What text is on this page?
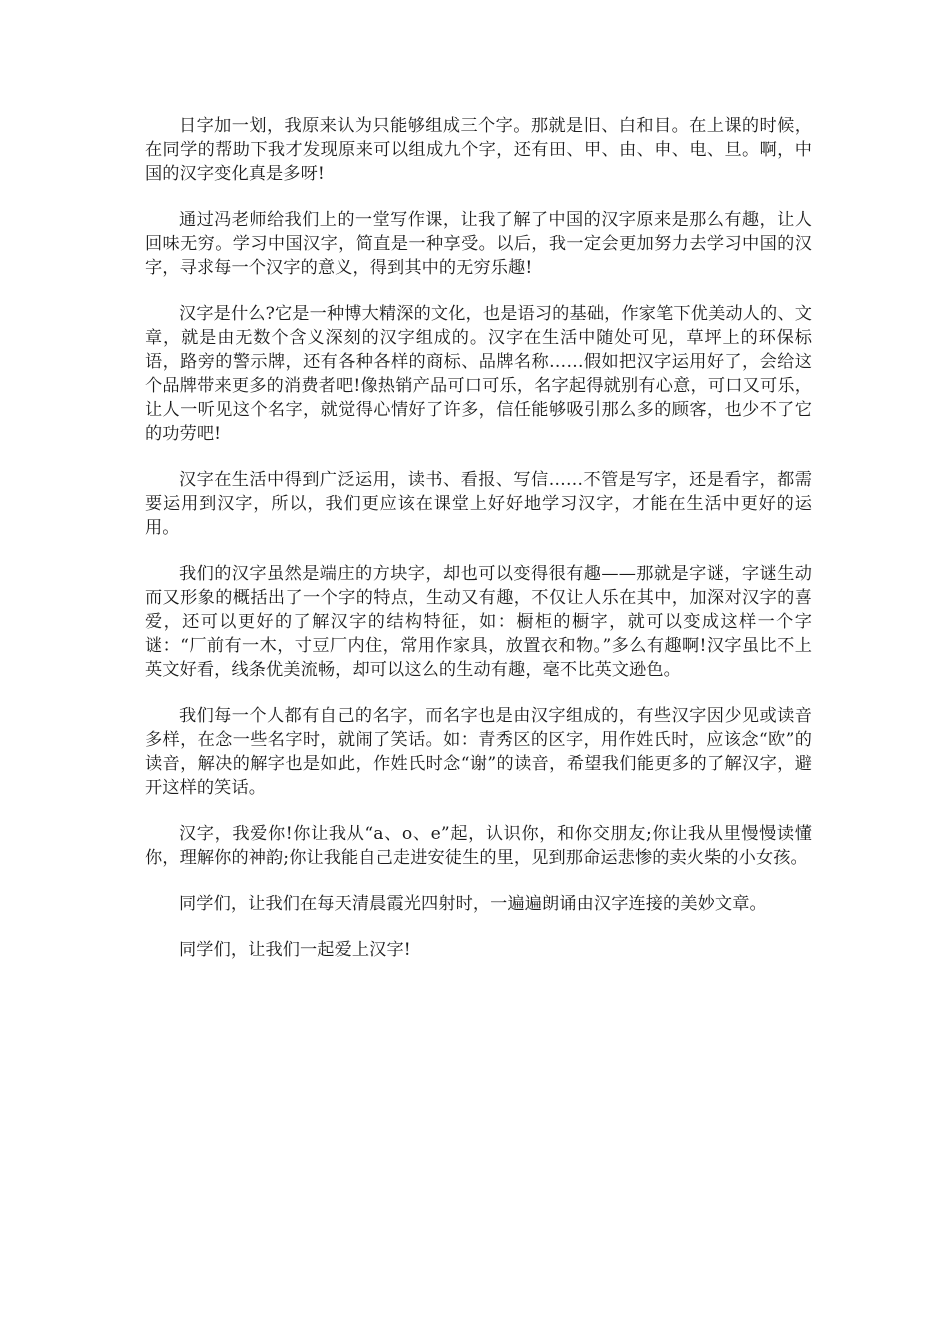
日字加一划，我原来认为只能够组成三个字。那就是旧、白和目。在上课的时候，在同学的帮助下我才发现原来可以组成九个字，还有田、甲、由、申、电、旦。啊，中国的汉字变化真是多呀!

通过冯老师给我们上的一堂写作课，让我了解了中国的汉字原来是那么有趣，让人回味无穷。学习中国汉字，简直是一种享受。以后，我一定会更加努力去学习中国的汉字，寻求每一个汉字的意义，得到其中的无穷乐趣!

汉字是什么?它是一种博大精深的文化，也是语习的基础，作家笔下优美动人的、文章，就是由无数个含义深刻的汉字组成的。汉字在生活中随处可见，草坪上的环保标语，路旁的警示牌，还有各种各样的商标、品牌名称……假如把汉字运用好了，会给这个品牌带来更多的消费者吧!像热销产品可口可乐，名字起得就别有心意，可口又可乐，让人一听见这个名字，就觉得心情好了许多，信任能够吸引那么多的顾客，也少不了它的功劳吧!

汉字在生活中得到广泛运用，读书、看报、写信……不管是写字，还是看字，都需要运用到汉字，所以，我们更应该在课堂上好好地学习汉字，才能在生活中更好的运用。

我们的汉字虽然是端庄的方块字，却也可以变得很有趣——那就是字谜，字谜生动而又形象的概括出了一个字的特点，生动又有趣，不仅让人乐在其中，加深对汉字的喜爱，还可以更好的了解汉字的结构特征，如：橱柜的橱字，就可以变成这样一个字谜：“厂前有一木，寸豆厂内住，常用作家具，放置衣和物。”多么有趣啊!汉字虽比不上英文好看，线条优美流畅，却可以这么的生动有趣，毫不比英文逊色。

我们每一个人都有自己的名字，而名字也是由汉字组成的，有些汉字因少见或读音多样，在念一些名字时，就闹了笑话。如：青秀区的区字，用作姓氏时，应该念“欧”的读音，解决的解字也是如此，作姓氏时念“谢”的读音，希望我们能更多的了解汉字，避开这样的笑话。

汉字，我爱你!你让我从“a、o、e”起，认识你，和你交朋友;你让我从里慢慢读懂你，理解你的神韵;你让我能自己走进安徒生的里，见到那命运悲惨的卖火柴的小女孩。

同学们，让我们在每天清晨霞光四射时，一遍遍朗诵由汉字连接的美妙文章。

同学们，让我们一起爱上汉字!
